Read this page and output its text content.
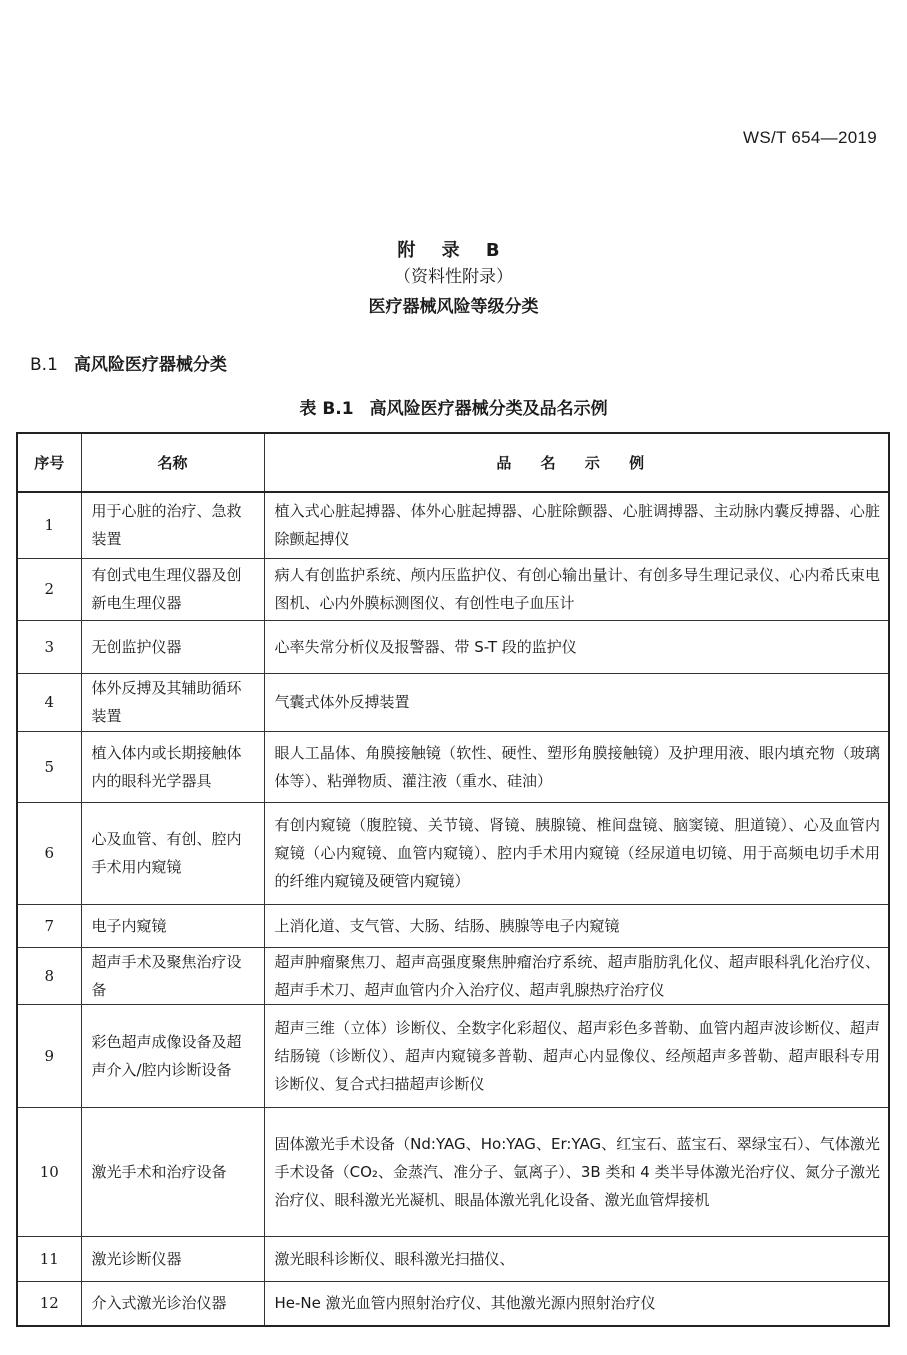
WS/T 654—2019
附 录 B
（资料性附录）
医疗器械风险等级分类
B.1 高风险医疗器械分类
表 B.1 高风险医疗器械分类及品名示例
序号	名称	品 名 示 例
1	用于心脏的治疗、急救装置	植入式心脏起搏器、体外心脏起搏器、心脏除颤器、心脏调搏器、主动脉内囊反搏器、心脏除颤起搏仪
2	有创式电生理仪器及创新电生理仪器	病人有创监护系统、颅内压监护仪、有创心输出量计、有创多导生理记录仪、心内希氏束电图机、心内外膜标测图仪、有创性电子血压计
3	无创监护仪器	心率失常分析仪及报警器、带 S-T 段的监护仪
4	体外反搏及其辅助循环装置	气囊式体外反搏装置
5	植入体内或长期接触体内的眼科光学器具	眼人工晶体、角膜接触镜（软性、硬性、塑形角膜接触镜）及护理用液、眼内填充物（玻璃体等）、粘弹物质、灌注液（重水、硅油）
6	心及血管、有创、腔内手术用内窥镜	有创内窥镜（腹腔镜、关节镜、肾镜、胰腺镜、椎间盘镜、脑窦镜、胆道镜）、心及血管内窥镜（心内窥镜、血管内窥镜）、腔内手术用内窥镜（经尿道电切镜、用于高频电切手术用的纤维内窥镜及硬管内窥镜）
7	电子内窥镜	上消化道、支气管、大肠、结肠、胰腺等电子内窥镜
8	超声手术及聚焦治疗设备	超声肿瘤聚焦刀、超声高强度聚焦肿瘤治疗系统、超声脂肪乳化仪、超声眼科乳化治疗仪、超声手术刀、超声血管内介入治疗仪、超声乳腺热疗治疗仪
9	彩色超声成像设备及超声介入/腔内诊断设备	超声三维（立体）诊断仪、全数字化彩超仪、超声彩色多普勒、血管内超声波诊断仪、超声结肠镜（诊断仪）、超声内窥镜多普勒、超声心内显像仪、经颅超声多普勒、超声眼科专用诊断仪、复合式扫描超声诊断仪
10	激光手术和治疗设备	固体激光手术设备（Nd:YAG、Ho:YAG、Er:YAG、红宝石、蓝宝石、翠绿宝石）、气体激光手术设备（CO₂、金蒸汽、准分子、氩离子）、3B 类和 4 类半导体激光治疗仪、氮分子激光治疗仪、眼科激光光凝机、眼晶体激光乳化设备、激光血管焊接机
11	激光诊断仪器	激光眼科诊断仪、眼科激光扫描仪、
12	介入式激光诊治仪器	He-Ne 激光血管内照射治疗仪、其他激光源内照射治疗仪
